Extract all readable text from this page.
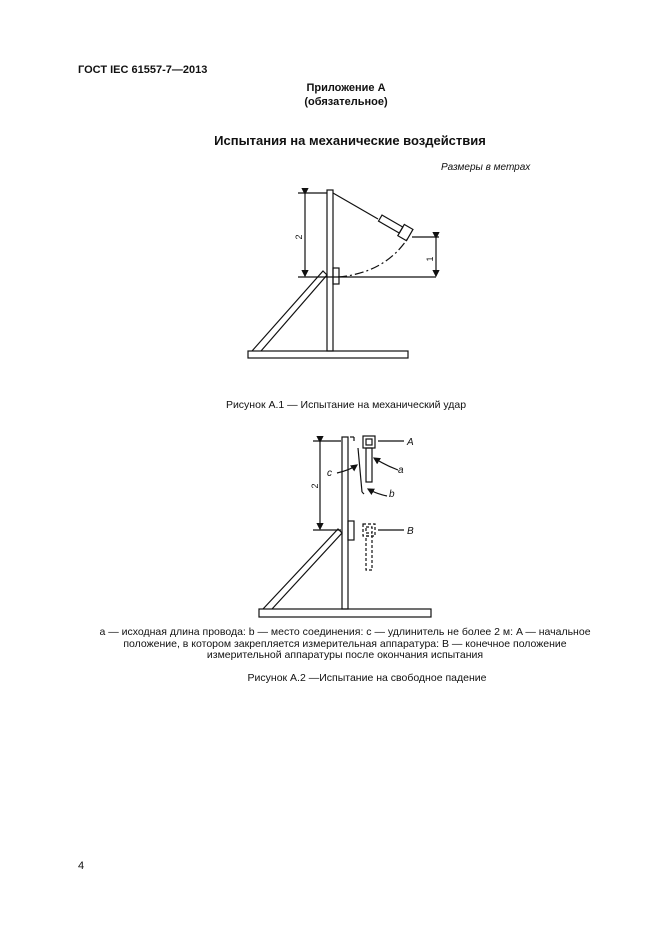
ГОСТ IEC 61557-7—2013
Приложение А
(обязательное)
Испытания на механические воздействия
Размеры в метрах
2
1
2
A
B
c	a
b
Рисунок А.1 — Испытание на механический удар
a — исходная длина провода: b — место соединения: c — удлинитель не более 2 м: A — начальное
положение, в котором закрепляется измерительная аппаратура: B — конечное положение
измерительной аппаратуры после окончания испытания
Рисунок А.2 —Испытание на свободное падение
4
